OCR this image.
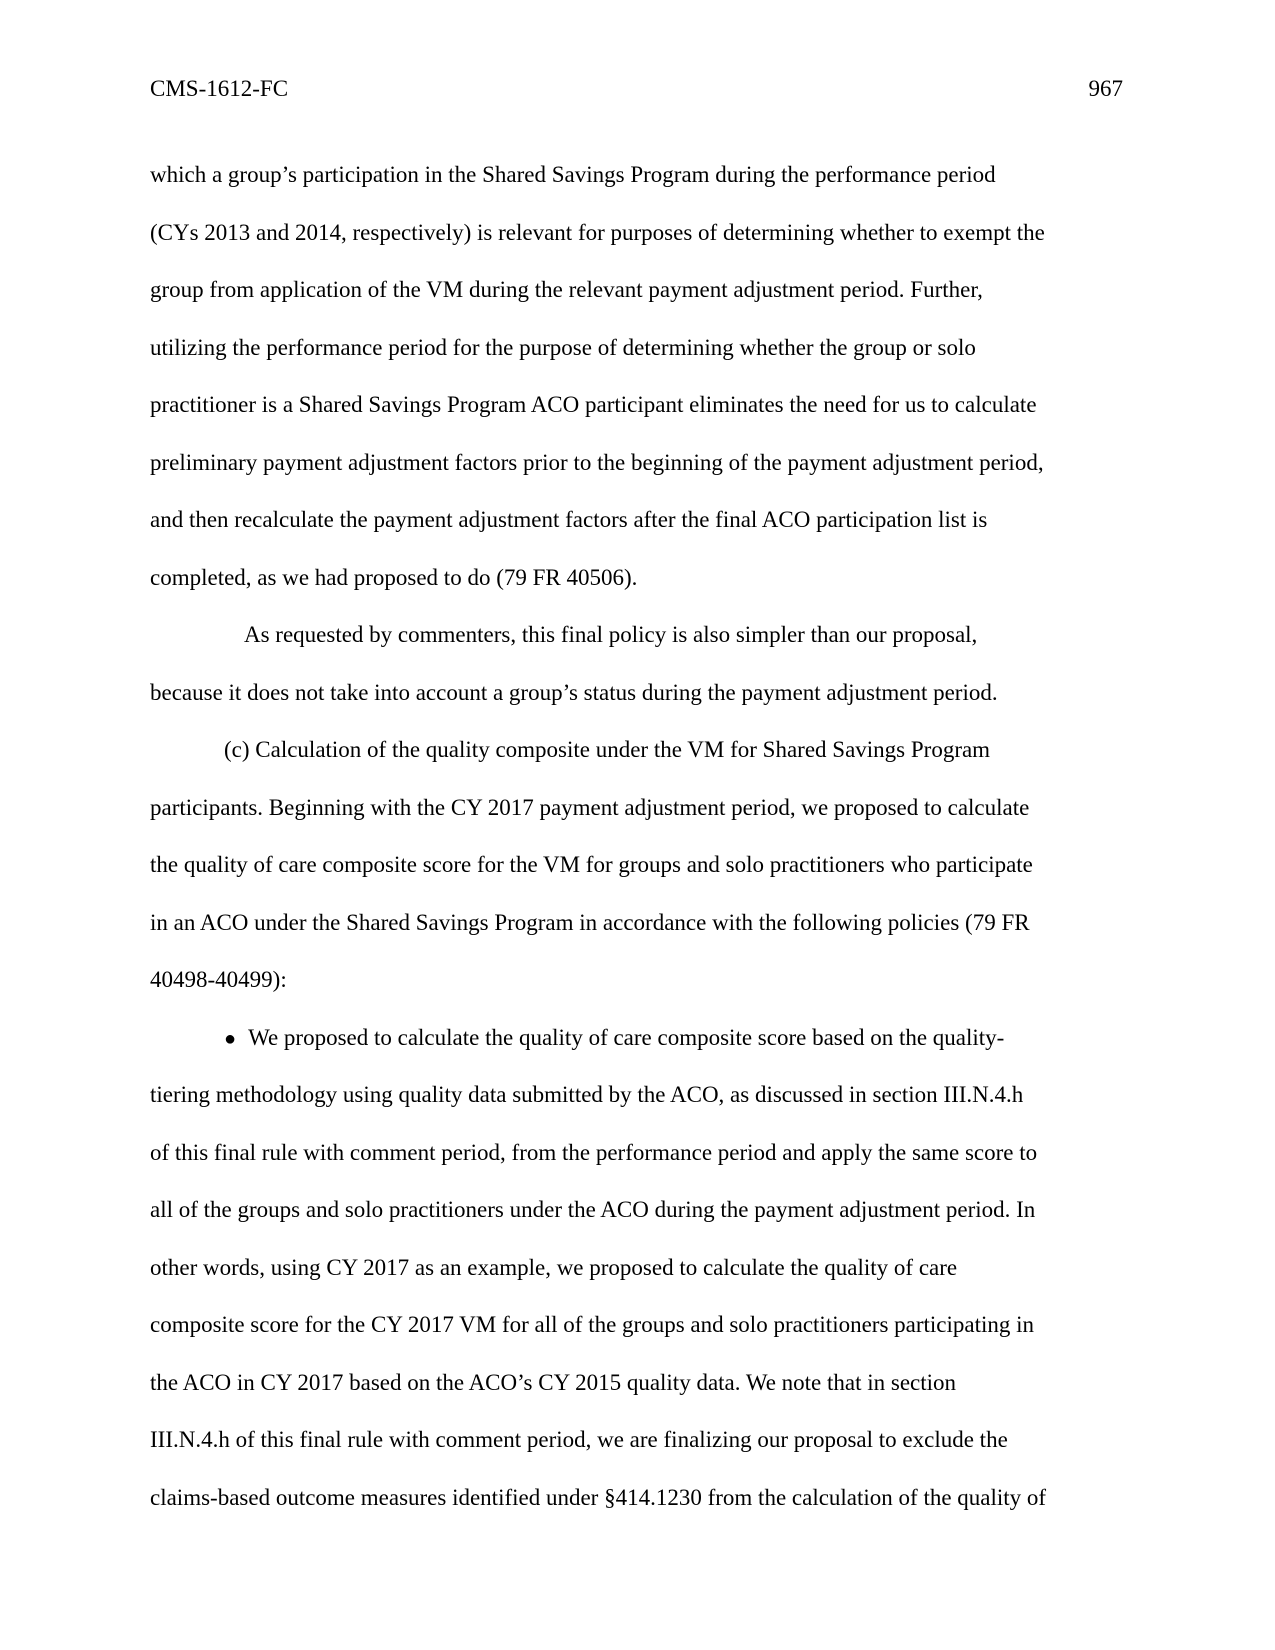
CMS-1612-FC	967
which a group’s participation in the Shared Savings Program during the performance period
(CYs 2013 and 2014, respectively) is relevant for purposes of determining whether to exempt the
group from application of the VM during the relevant payment adjustment period. Further,
utilizing the performance period for the purpose of determining whether the group or solo
practitioner is a Shared Savings Program ACO participant eliminates the need for us to calculate
preliminary payment adjustment factors prior to the beginning of the payment adjustment period,
and then recalculate the payment adjustment factors after the final ACO participation list is
completed, as we had proposed to do (79 FR 40506).
As requested by commenters, this final policy is also simpler than our proposal,
because it does not take into account a group’s status during the payment adjustment period.
(c) Calculation of the quality composite under the VM for Shared Savings Program
participants. Beginning with the CY 2017 payment adjustment period, we proposed to calculate
the quality of care composite score for the VM for groups and solo practitioners who participate
in an ACO under the Shared Savings Program in accordance with the following policies (79 FR
40498-40499):
● We proposed to calculate the quality of care composite score based on the quality-
tiering methodology using quality data submitted by the ACO, as discussed in section III.N.4.h
of this final rule with comment period, from the performance period and apply the same score to
all of the groups and solo practitioners under the ACO during the payment adjustment period. In
other words, using CY 2017 as an example, we proposed to calculate the quality of care
composite score for the CY 2017 VM for all of the groups and solo practitioners participating in
the ACO in CY 2017 based on the ACO’s CY 2015 quality data. We note that in section
III.N.4.h of this final rule with comment period, we are finalizing our proposal to exclude the
claims-based outcome measures identified under §414.1230 from the calculation of the quality of
